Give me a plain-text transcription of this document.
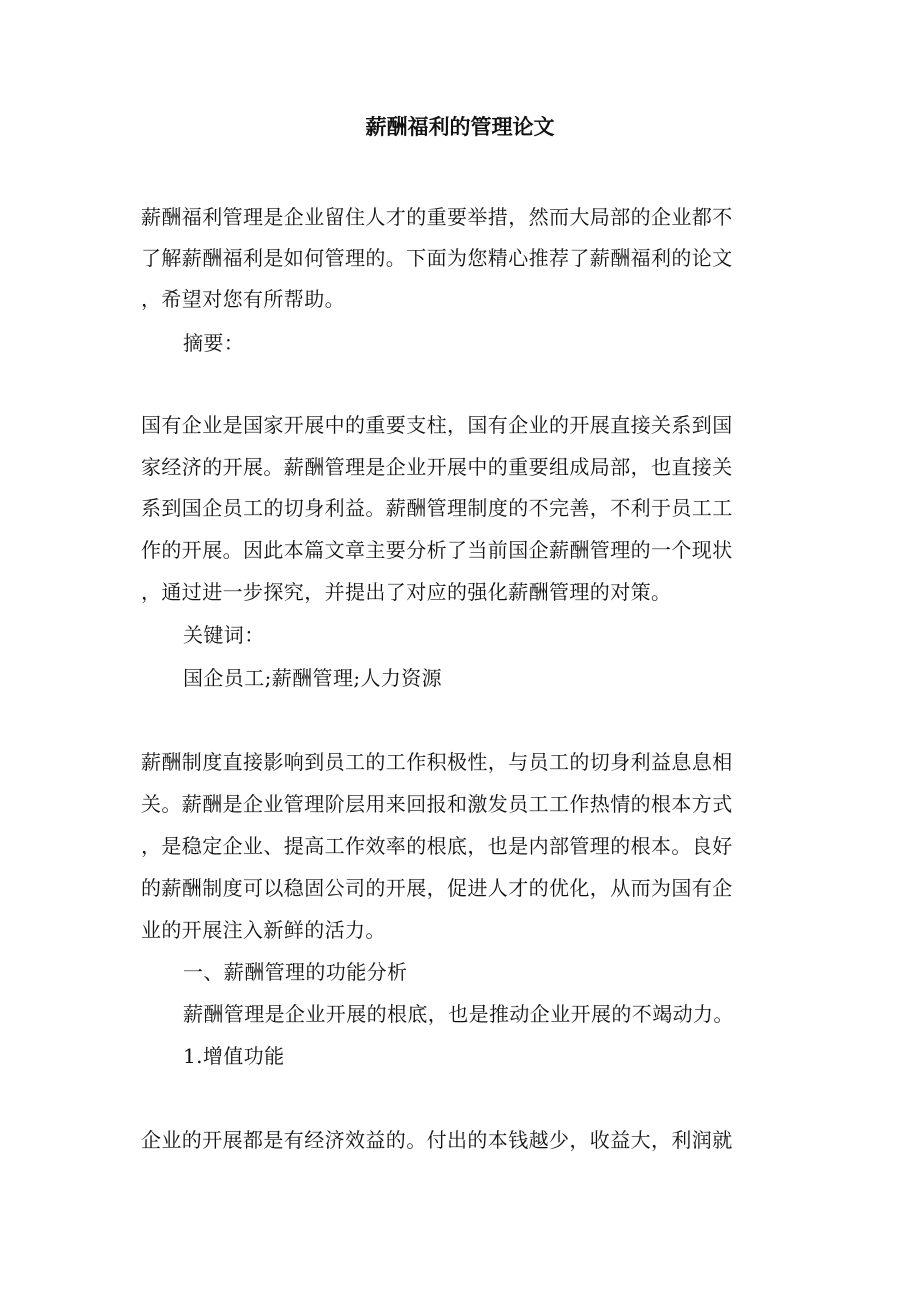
薪酬福利的管理论文
薪酬福利管理是企业留住人才的重要举措，然而大局部的企业都不
了解薪酬福利是如何管理的。下面为您精心推荐了薪酬福利的论文
，希望对您有所帮助。
摘要：
国有企业是国家开展中的重要支柱，国有企业的开展直接关系到国
家经济的开展。薪酬管理是企业开展中的重要组成局部，也直接关
系到国企员工的切身利益。薪酬管理制度的不完善，不利于员工工
作的开展。因此本篇文章主要分析了当前国企薪酬管理的一个现状
，通过进一步探究，并提出了对应的强化薪酬管理的对策。
关键词：
国企员工;薪酬管理;人力资源
薪酬制度直接影响到员工的工作积极性，与员工的切身利益息息相
关。薪酬是企业管理阶层用来回报和激发员工工作热情的根本方式
，是稳定企业、提高工作效率的根底，也是内部管理的根本。良好
的薪酬制度可以稳固公司的开展，促进人才的优化，从而为国有企
业的开展注入新鲜的活力。
一、薪酬管理的功能分析
薪酬管理是企业开展的根底，也是推动企业开展的不竭动力。
1.增值功能
企业的开展都是有经济效益的。付出的本钱越少，收益大，利润就
